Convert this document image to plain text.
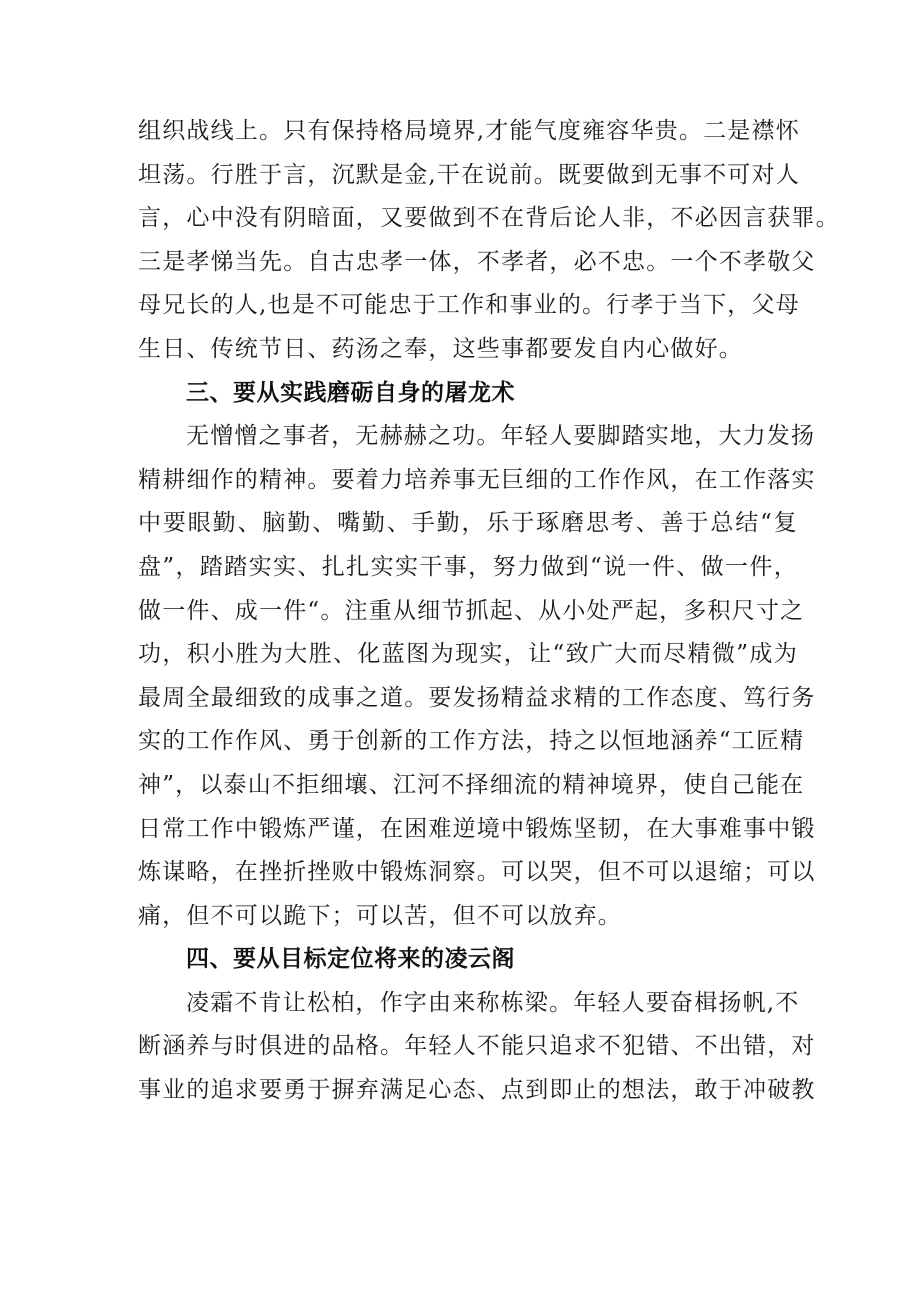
组织战线上。只有保持格局境界,才能气度雍容华贵。二是襟怀
坦荡。行胜于言，沉默是金,干在说前。既要做到无事不可对人
言，心中没有阴暗面，又要做到不在背后论人非，不必因言获罪。
三是孝悌当先。自古忠孝一体，不孝者，必不忠。一个不孝敬父
母兄长的人,也是不可能忠于工作和事业的。行孝于当下，父母
生日、传统节日、药汤之奉，这些事都要发自内心做好。
三、要从实践磨砺自身的屠龙术
无憎憎之事者，无赫赫之功。年轻人要脚踏实地，大力发扬
精耕细作的精神。要着力培养事无巨细的工作作风，在工作落实
中要眼勤、脑勤、嘴勤、手勤，乐于琢磨思考、善于总结“复
盘”，踏踏实实、扎扎实实干事，努力做到“说一件、做一件，
做一件、成一件“。注重从细节抓起、从小处严起，多积尺寸之
功，积小胜为大胜、化蓝图为现实，让“致广大而尽精微”成为
最周全最细致的成事之道。要发扬精益求精的工作态度、笃行务
实的工作作风、勇于创新的工作方法，持之以恒地涵养“工匠精
神”，以泰山不拒细壤、江河不择细流的精神境界，使自己能在
日常工作中锻炼严谨，在困难逆境中锻炼坚韧，在大事难事中锻
炼谋略，在挫折挫败中锻炼洞察。可以哭，但不可以退缩；可以
痛，但不可以跪下；可以苦，但不可以放弃。
四、要从目标定位将来的凌云阁
凌霜不肯让松柏，作字由来称栋梁。年轻人要奋楫扬帆,不
断涵养与时俱进的品格。年轻人不能只追求不犯错、不出错，对
事业的追求要勇于摒弃满足心态、点到即止的想法，敢于冲破教
